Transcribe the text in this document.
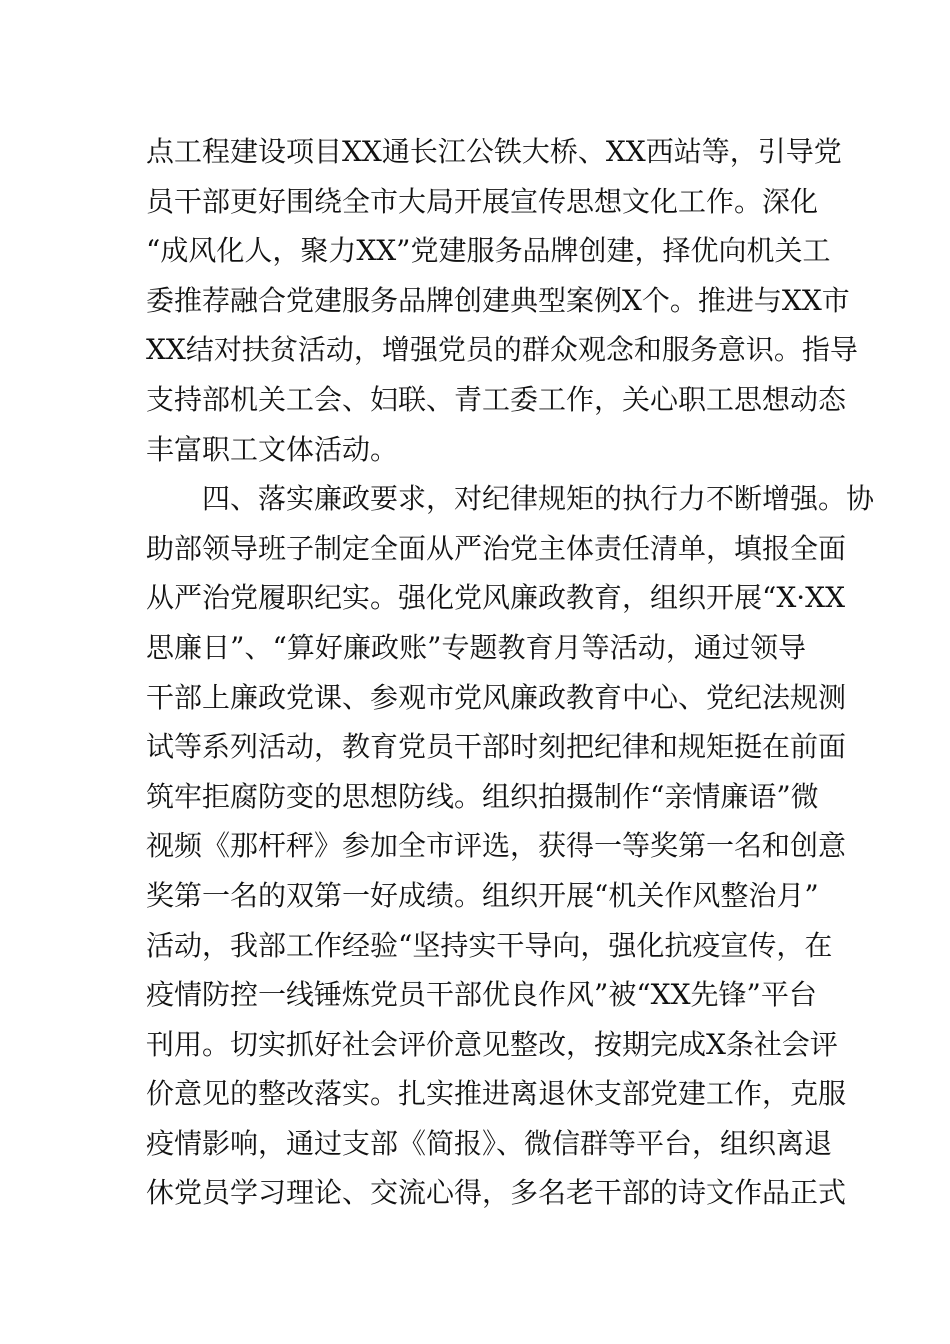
点工程建设项目XX通长江公铁大桥、XX西站等，引导党
员干部更好围绕全市大局开展宣传思想文化工作。深化
“成风化人，聚力XX”党建服务品牌创建，择优向机关工
委推荐融合党建服务品牌创建典型案例X个。推进与XX市
XX结对扶贫活动，增强党员的群众观念和服务意识。指导
支持部机关工会、妇联、青工委工作，关心职工思想动态
丰富职工文体活动。
　　四、落实廉政要求，对纪律规矩的执行力不断增强。协
助部领导班子制定全面从严治党主体责任清单，填报全面
从严治党履职纪实。强化党风廉政教育，组织开展“X·XX
思廉日”、“算好廉政账”专题教育月等活动，通过领导
干部上廉政党课、参观市党风廉政教育中心、党纪法规测
试等系列活动，教育党员干部时刻把纪律和规矩挺在前面
筑牢拒腐防变的思想防线。组织拍摄制作“亲情廉语”微
视频《那杆秤》参加全市评选，获得一等奖第一名和创意
奖第一名的双第一好成绩。组织开展“机关作风整治月”
活动，我部工作经验“坚持实干导向，强化抗疫宣传，在
疫情防控一线锤炼党员干部优良作风”被“XX先锋”平台
刊用。切实抓好社会评价意见整改，按期完成X条社会评
价意见的整改落实。扎实推进离退休支部党建工作，克服
疫情影响，通过支部《简报》、微信群等平台，组织离退
休党员学习理论、交流心得，多名老干部的诗文作品正式
